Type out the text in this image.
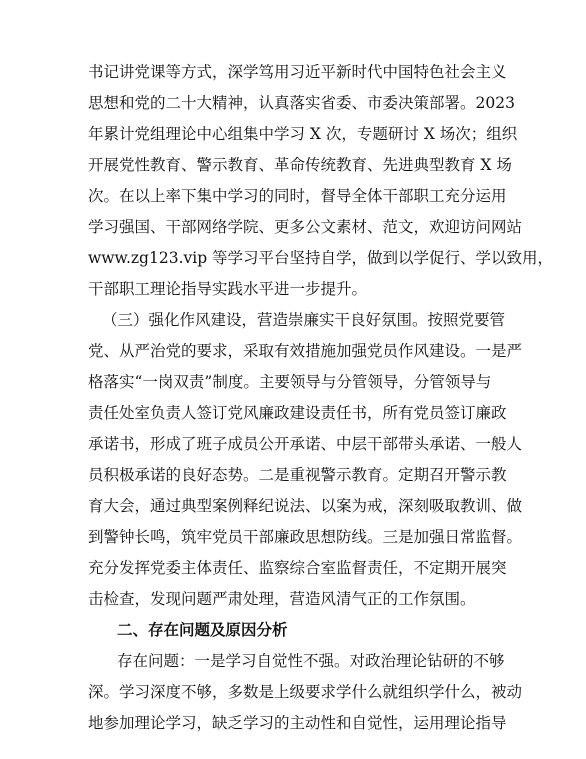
书记讲党课等方式，深学笃用习近平新时代中国特色社会主义
思想和党的二十大精神，认真落实省委、市委决策部署。2023
年累计党组理论中心组集中学习 X 次，专题研讨 X 场次；组织
开展党性教育、警示教育、革命传统教育、先进典型教育 X 场
次。在以上率下集中学习的同时，督导全体干部职工充分运用
学习强国、干部网络学院、更多公文素材、范文，欢迎访问网站
www.zg123.vip 等学习平台坚持自学，做到以学促行、学以致用，
干部职工理论指导实践水平进一步提升。
（三）强化作风建设，营造崇廉实干良好氛围。按照党要管
党、从严治党的要求，采取有效措施加强党员作风建设。一是严
格落实“一岗双责”制度。主要领导与分管领导，分管领导与
责任处室负责人签订党风廉政建设责任书，所有党员签订廉政
承诺书，形成了班子成员公开承诺、中层干部带头承诺、一般人
员积极承诺的良好态势。二是重视警示教育。定期召开警示教
育大会，通过典型案例释纪说法、以案为戒，深刻吸取教训、做
到警钟长鸣，筑牢党员干部廉政思想防线。三是加强日常监督。
充分发挥党委主体责任、监察综合室监督责任，不定期开展突
击检查，发现问题严肃处理，营造风清气正的工作氛围。
二、存在问题及原因分析
存在问题：一是学习自觉性不强。对政治理论钻研的不够
深。学习深度不够，多数是上级要求学什么就组织学什么，被动
地参加理论学习，缺乏学习的主动性和自觉性，运用理论指导
